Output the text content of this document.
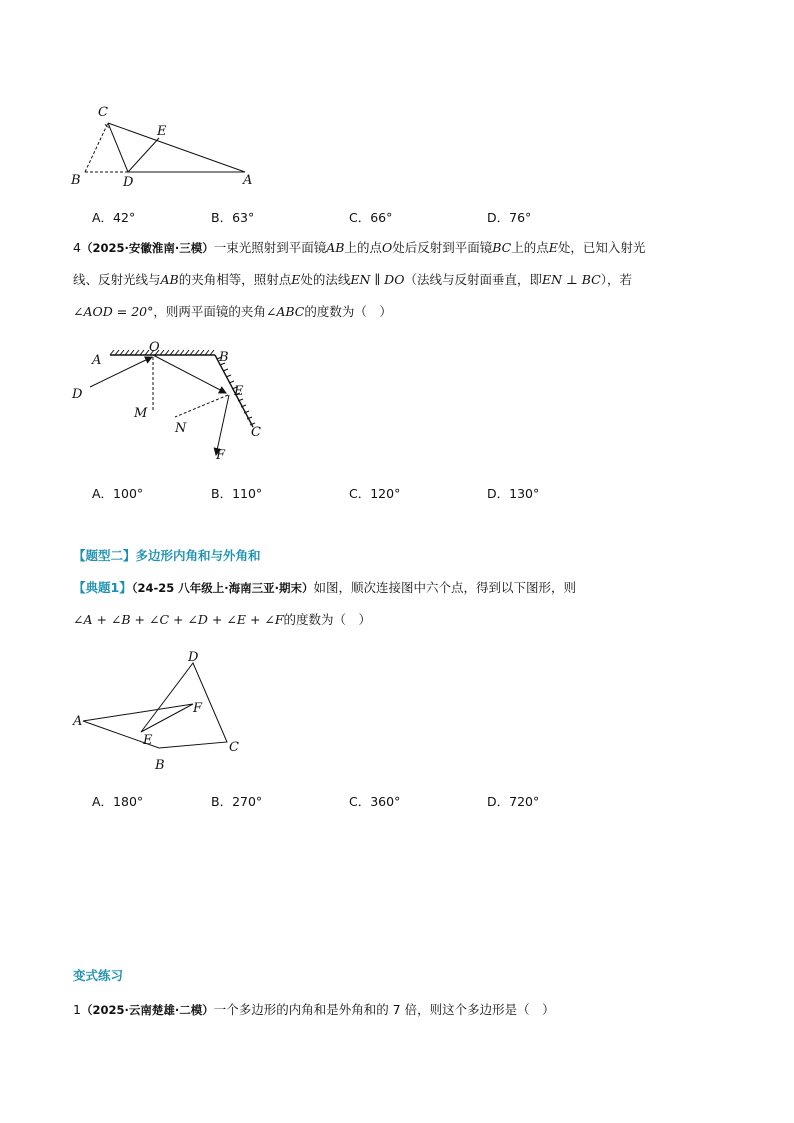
C
E
B	D	A
A．42°	B．63°	C．66°	D．76°
4（2025·安徽淮南·三模）一束光照射到平面镜AB上的点O处后反射到平面镜BC上的点E处，已知入射光
线、反射光线与AB的夹角相等，照射点E处的法线EN ∥ DO（法线与反射面垂直，即EN ⊥ BC），若
∠AOD = 20°，则两平面镜的夹角∠ABC的度数为（　）
A
O
B
E
D
M
N	C
F
A．100°	B．110°	C．120°	D．130°
【题型二】多边形内角和与外角和
【典题1】（24-25 八年级上·海南三亚·期末）如图，顺次连接图中六个点，得到以下图形，则
∠A + ∠B + ∠C + ∠D + ∠E + ∠F的度数为（　）
D
A
F
E	C
B
A．180°	B．270°	C．360°	D．720°
变式练习
1（2025·云南楚雄·二模）一个多边形的内角和是外角和的 7 倍，则这个多边形是（　）
